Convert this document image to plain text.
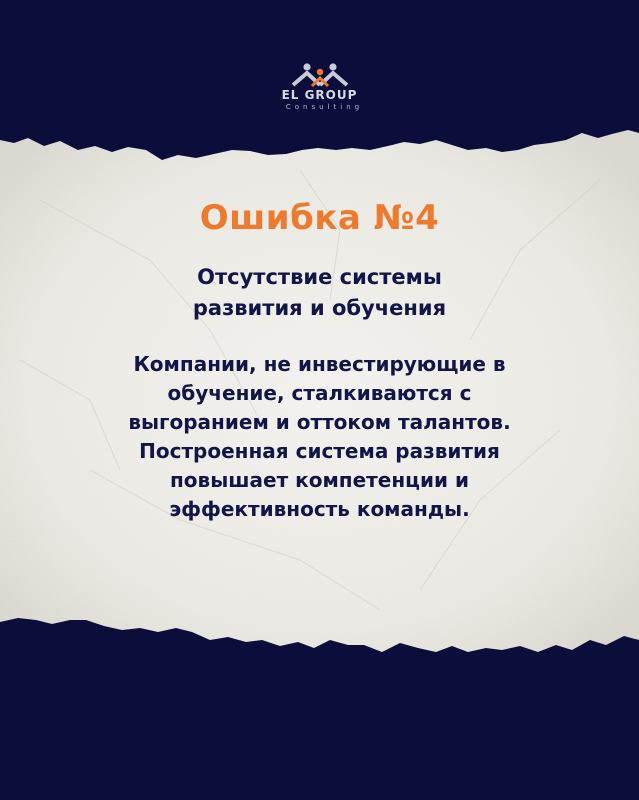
EL GROUP
Consulting
Ошибка №4
Отсутствие системы
развития и обучения
Компании, не инвестирующие в
обучение, сталкиваются с
выгоранием и оттоком талантов.
Построенная система развития
повышает компетенции и
эффективность команды.
